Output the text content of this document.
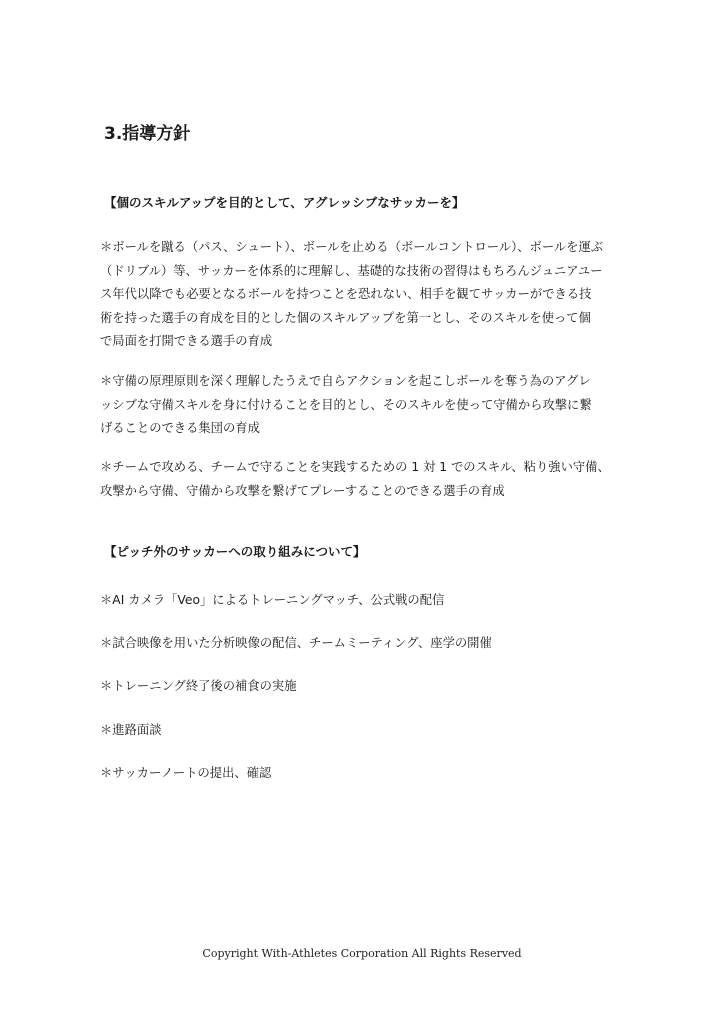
3.指導方針

【個のスキルアップを目的として、アグレッシブなサッカーを】

＊ボールを蹴る（パス、シュート）、ボールを止める（ボールコントロール）、ボールを運ぶ
（ドリブル）等、サッカーを体系的に理解し、基礎的な技術の習得はもちろんジュニアユー
ス年代以降でも必要となるボールを持つことを恐れない、相手を観てサッカーができる技
術を持った選手の育成を目的とした個のスキルアップを第一とし、そのスキルを使って個
で局面を打開できる選手の育成

＊守備の原理原則を深く理解したうえで自らアクションを起こしボールを奪う為のアグレ
ッシブな守備スキルを身に付けることを目的とし、そのスキルを使って守備から攻撃に繋
げることのできる集団の育成

＊チームで攻める、チームで守ることを実践するための 1 対 1 でのスキル、粘り強い守備、
攻撃から守備、守備から攻撃を繋げてプレーすることのできる選手の育成

【ピッチ外のサッカーへの取り組みについて】

＊AI カメラ「Veo」によるトレーニングマッチ、公式戦の配信

＊試合映像を用いた分析映像の配信、チームミーティング、座学の開催

＊トレーニング終了後の補食の実施

＊進路面談

＊サッカーノートの提出、確認

Copyright With-Athletes Corporation All Rights Reserved
